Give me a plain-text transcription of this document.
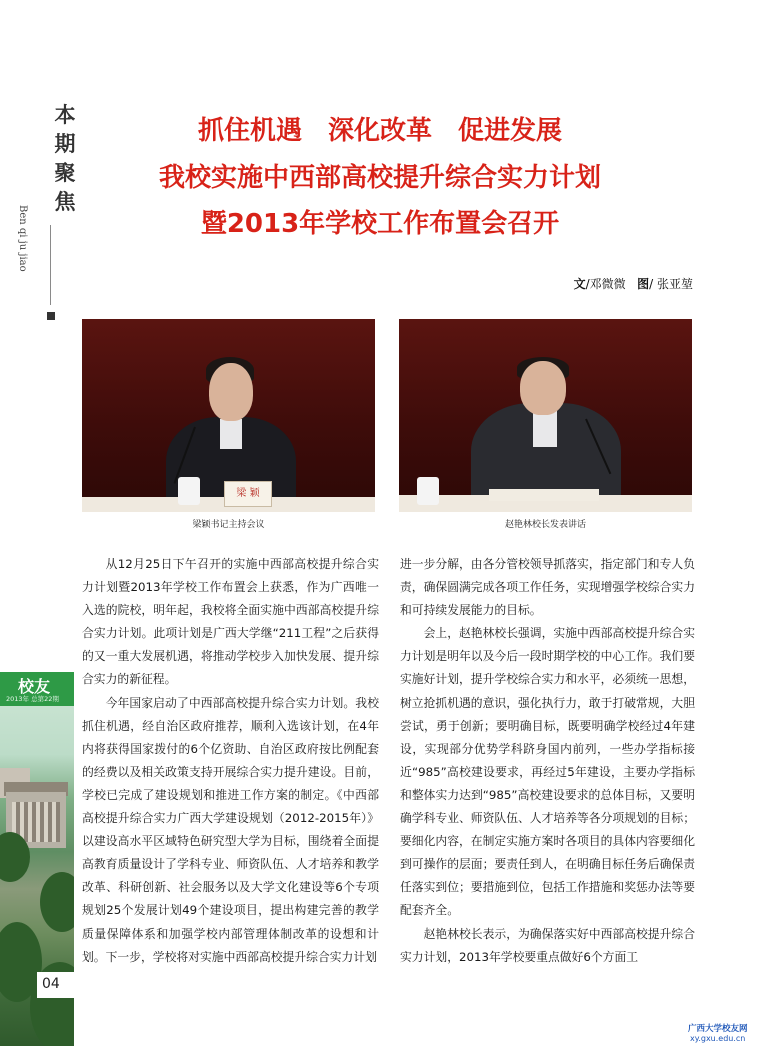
本期聚焦
Ben qi ju jiao
校友
2013年 总第22期
04
抓住机遇　深化改革　促进发展
我校实施中西部高校提升综合实力计划
暨2013年学校工作布置会召开
文/邓微微 图/ 张亚堃
梁 颖
梁颖书记主持会议	赵艳林校长发表讲话

从12月25日下午召开的实施中西部高校提升综合实力计划暨2013年学校工作布置会上获悉，作为广西唯一入选的院校，明年起，我校将全面实施中西部高校提升综合实力计划。此项计划是广西大学继“211工程”之后获得的又一重大发展机遇，将推动学校步入加快发展、提升综合实力的新征程。

今年国家启动了中西部高校提升综合实力计划。我校抓住机遇，经自治区政府推荐，顺利入选该计划，在4年内将获得国家拨付的6个亿资助、自治区政府按比例配套的经费以及相关政策支持开展综合实力提升建设。目前，学校已完成了建设规划和推进工作方案的制定。《中西部高校提升综合实力广西大学建设规划（2012-2015年）》以建设高水平区域特色研究型大学为目标，围绕着全面提高教育质量设计了学科专业、师资队伍、人才培养和教学改革、科研创新、社会服务以及大学文化建设等6个专项规划25个发展计划49个建设项目，提出构建完善的教学质量保障体系和加强学校内部管理体制改革的设想和计划。下一步，学校将对实施中西部高校提升综合实力计划

进一步分解，由各分管校领导抓落实，指定部门和专人负责，确保圆满完成各项工作任务，实现增强学校综合实力和可持续发展能力的目标。

会上，赵艳林校长强调，实施中西部高校提升综合实力计划是明年以及今后一段时期学校的中心工作。我们要实施好计划，提升学校综合实力和水平，必须统一思想，树立抢抓机遇的意识，强化执行力，敢于打破常规，大胆尝试，勇于创新；要明确目标，既要明确学校经过4年建设，实现部分优势学科跻身国内前列，一些办学指标接近“985”高校建设要求，再经过5年建设，主要办学指标和整体实力达到“985”高校建设要求的总体目标，又要明确学科专业、师资队伍、人才培养等各分项规划的目标；要细化内容，在制定实施方案时各项目的具体内容要细化到可操作的层面；要责任到人，在明确目标任务后确保责任落实到位；要措施到位，包括工作措施和奖惩办法等要配套齐全。

赵艳林校长表示，为确保落实好中西部高校提升综合实力计划，2013年学校要重点做好6个方面工

广西大学校友网
xy.gxu.edu.cn
